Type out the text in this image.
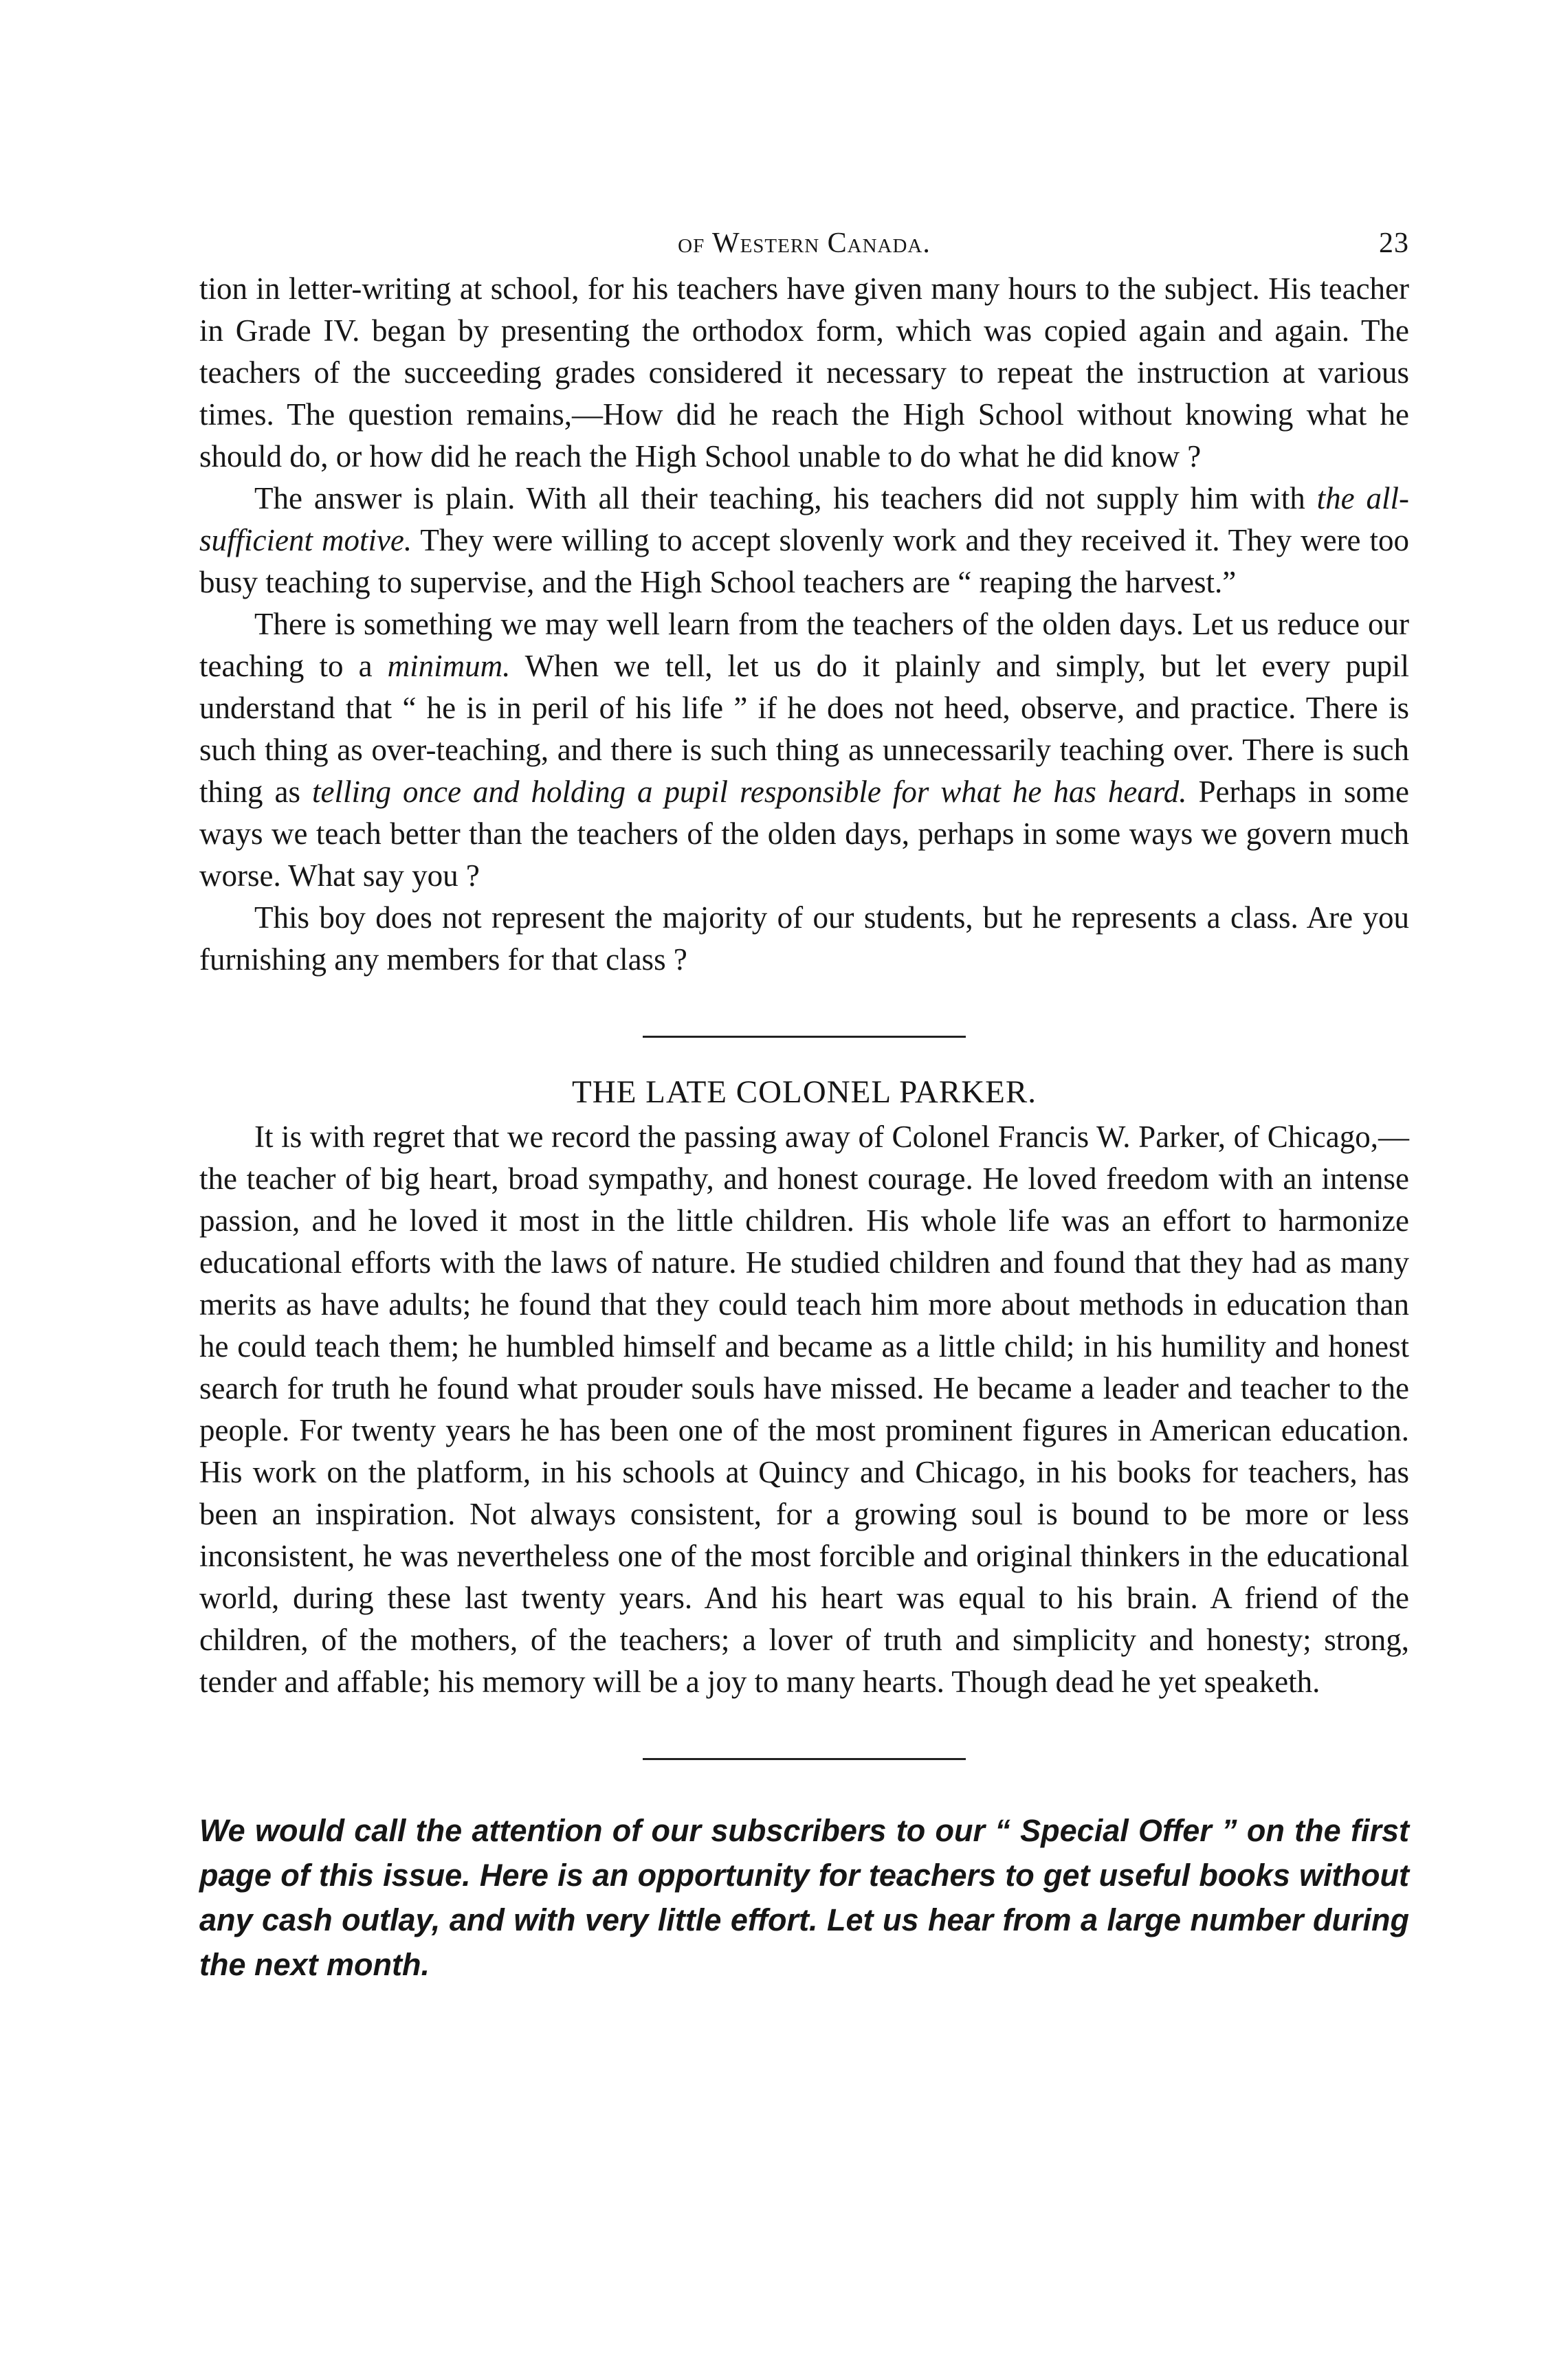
of Western Canada.	23

tion in letter-writing at school, for his teachers have given many hours to the subject. His teacher in Grade IV. began by presenting the orthodox form, which was copied again and again. The teachers of the succeeding grades considered it necessary to repeat the instruction at various times. The question remains,—How did he reach the High School without knowing what he should do, or how did he reach the High School unable to do what he did know ?

The answer is plain. With all their teaching, his teachers did not supply him with the all-sufficient motive. They were willing to accept slovenly work and they received it. They were too busy teaching to supervise, and the High School teachers are “ reaping the harvest.”

There is something we may well learn from the teachers of the olden days. Let us reduce our teaching to a minimum. When we tell, let us do it plainly and simply, but let every pupil understand that “ he is in peril of his life ” if he does not heed, observe, and practice. There is such thing as over-teaching, and there is such thing as unnecessarily teaching over. There is such thing as telling once and holding a pupil responsible for what he has heard. Perhaps in some ways we teach better than the teachers of the olden days, perhaps in some ways we govern much worse. What say you ?

This boy does not represent the majority of our students, but he represents a class. Are you furnishing any members for that class ?

THE LATE COLONEL PARKER.

It is with regret that we record the passing away of Colonel Francis W. Parker, of Chicago,—the teacher of big heart, broad sympathy, and honest courage. He loved freedom with an intense passion, and he loved it most in the little children. His whole life was an effort to harmonize educational efforts with the laws of nature. He studied children and found that they had as many merits as have adults; he found that they could teach him more about methods in education than he could teach them; he humbled himself and became as a little child; in his humility and honest search for truth he found what prouder souls have missed. He became a leader and teacher to the people. For twenty years he has been one of the most prominent figures in American education. His work on the platform, in his schools at Quincy and Chicago, in his books for teachers, has been an inspiration. Not always consistent, for a growing soul is bound to be more or less inconsistent, he was nevertheless one of the most forcible and original thinkers in the educational world, during these last twenty years. And his heart was equal to his brain. A friend of the children, of the mothers, of the teachers; a lover of truth and simplicity and honesty; strong, tender and affable; his memory will be a joy to many hearts. Though dead he yet speaketh.

We would call the attention of our subscribers to our “ Special Offer ” on the first page of this issue. Here is an opportunity for teachers to get useful books without any cash outlay, and with very little effort. Let us hear from a large number during the next month.
